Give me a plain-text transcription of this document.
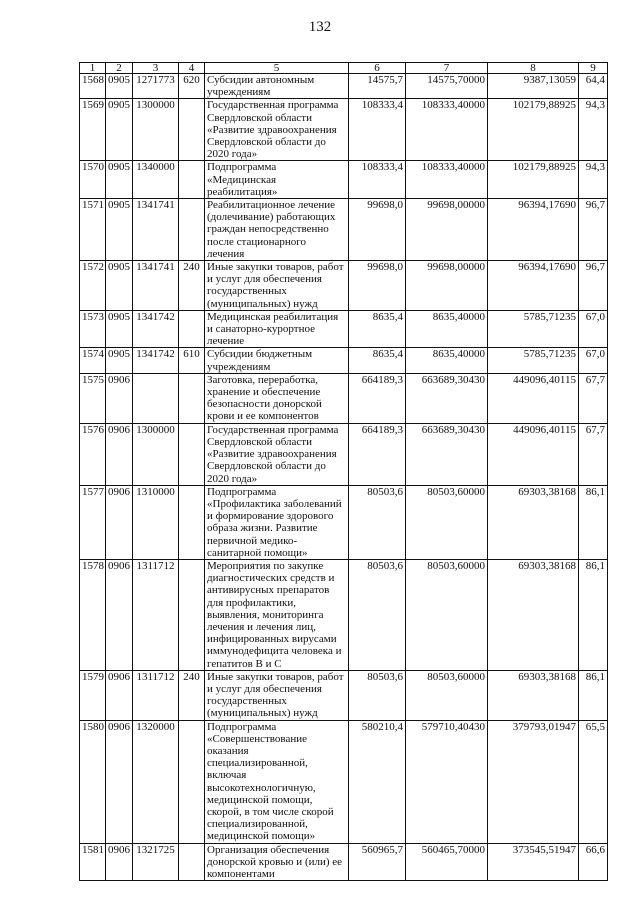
132
1	2	3	4	5	6	7	8	9
1568	0905	1271773	620	Субсидии автономным учреждениям	14575,7	14575,70000	9387,13059	64,4
1569	0905	1300000		Государственная программа Свердловской области «Развитие здравоохранения Свердловской области до 2020 года»	108333,4	108333,40000	102179,88925	94,3
1570	0905	1340000		Подпрограмма «Медицинская реабилитация»	108333,4	108333,40000	102179,88925	94,3
1571	0905	1341741		Реабилитационное лечение (долечивание) работающих граждан непосредственно после стационарного лечения	99698,0	99698,00000	96394,17690	96,7
1572	0905	1341741	240	Иные закупки товаров, работ и услуг для обеспечения государственных (муниципальных) нужд	99698,0	99698,00000	96394,17690	96,7
1573	0905	1341742		Медицинская реабилитация и санаторно-курортное лечение	8635,4	8635,40000	5785,71235	67,0
1574	0905	1341742	610	Субсидии бюджетным учреждениям	8635,4	8635,40000	5785,71235	67,0
1575	0906			Заготовка, переработка, хранение и обеспечение безопасности донорской крови и ее компонентов	664189,3	663689,30430	449096,40115	67,7
1576	0906	1300000		Государственная программа Свердловской области «Развитие здравоохранения Свердловской области до 2020 года»	664189,3	663689,30430	449096,40115	67,7
1577	0906	1310000		Подпрограмма «Профилактика заболеваний и формирование здорового образа жизни. Развитие первичной медико-санитарной помощи»	80503,6	80503,60000	69303,38168	86,1
1578	0906	1311712		Мероприятия по закупке диагностических средств и антивирусных препаратов для профилактики, выявления, мониторинга лечения и лечения лиц, инфицированных вирусами иммунодефицита человека и гепатитов B и C	80503,6	80503,60000	69303,38168	86,1
1579	0906	1311712	240	Иные закупки товаров, работ и услуг для обеспечения государственных (муниципальных) нужд	80503,6	80503,60000	69303,38168	86,1
1580	0906	1320000		Подпрограмма «Совершенствование оказания специализированной, включая высокотехнологичную, медицинской помощи, скорой, в том числе скорой специализированной, медицинской помощи»	580210,4	579710,40430	379793,01947	65,5
1581	0906	1321725		Организация обеспечения донорской кровью и (или) ее компонентами	560965,7	560465,70000	373545,51947	66,6
